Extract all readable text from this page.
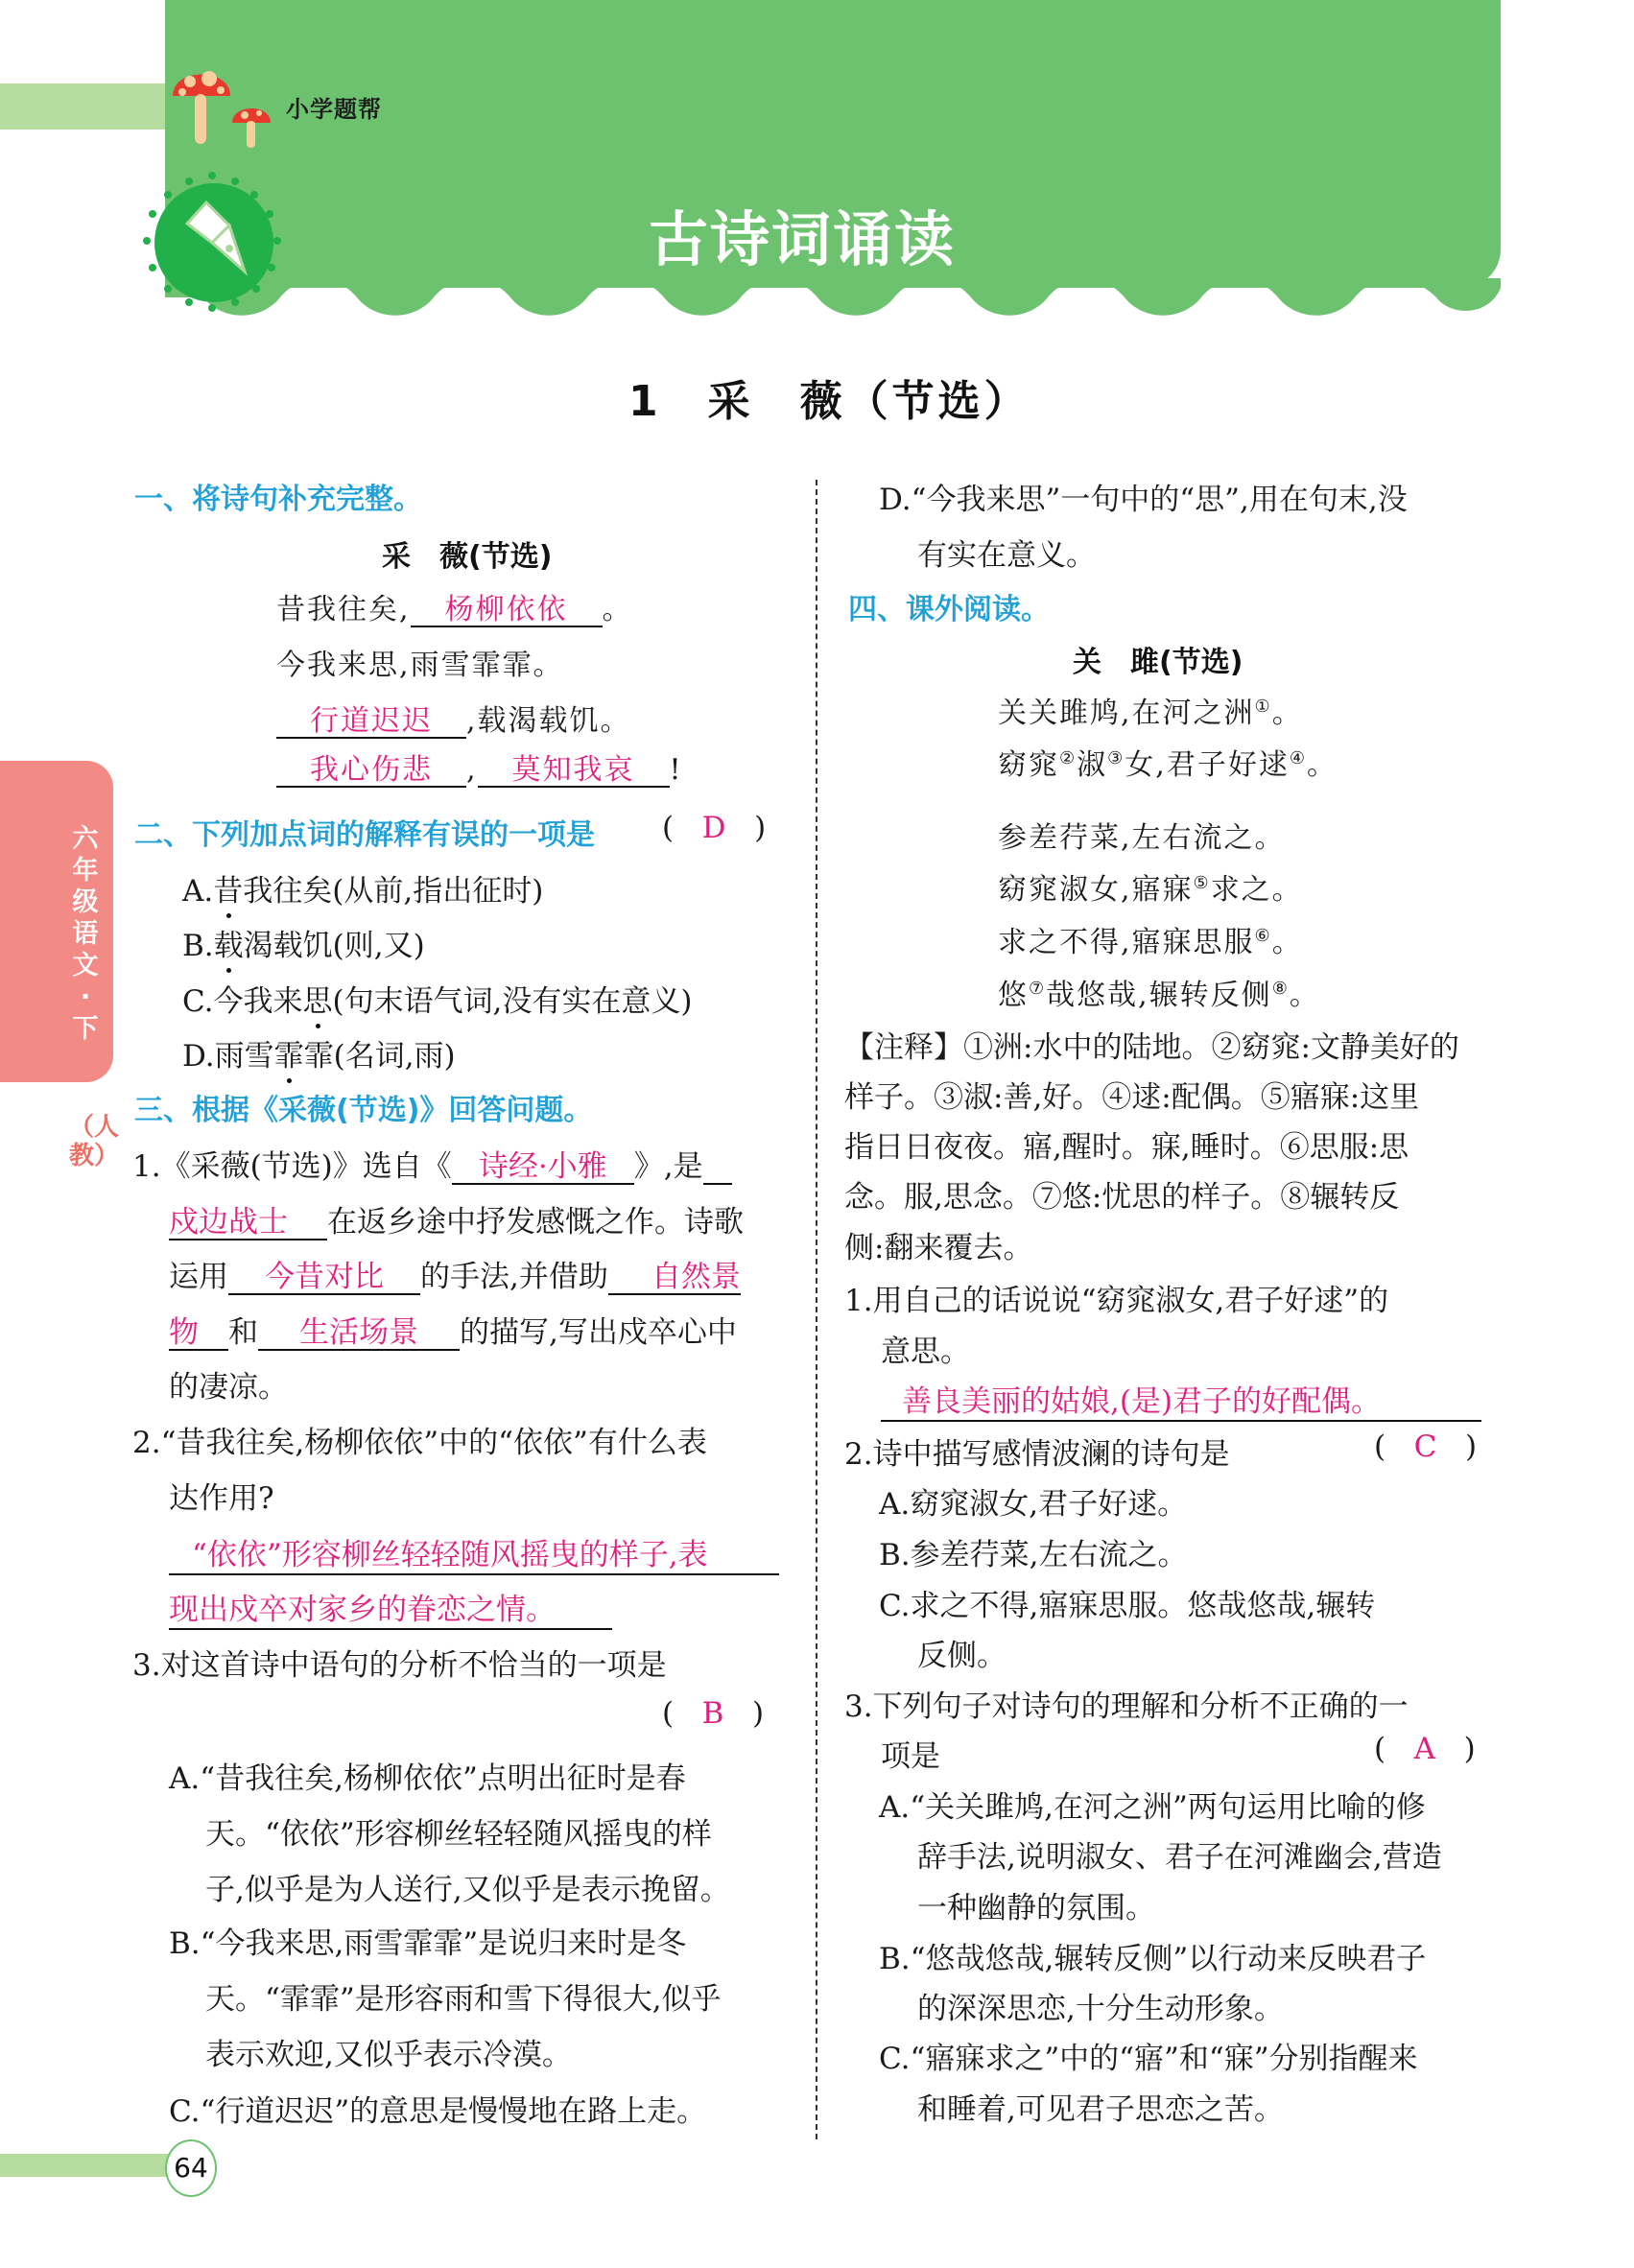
小学题帮
古诗词诵读
1　采　薇（节选）
六年级语文·下
（人教）
一、将诗句补充完整。
采　薇(节选)
昔我往矣, 杨柳依依 。
今我来思,雨雪霏霏。
行道迟迟 ,载渴载饥。
我心伤悲 , 莫知我哀 !
二、下列加点词的解释有误的一项是 ( D )
A.昔我往矣(从前,指出征时)
B.载渴载饥(则,又)
C.今我来思(句末语气词,没有实在意义)
D.雨雪霏霏(名词,雨)
三、根据《采薇(节选)》回答问题。
1.《采薇(节选)》选自《 诗经·小雅 》,是
戍边战士 在返乡途中抒发感慨之作。诗歌
运用 今昔对比 的手法,并借助 自然景
物 和 生活场景 的描写,写出戍卒心中
的凄凉。
2.“昔我往矣,杨柳依依”中的“依依”有什么表
达作用?
“依依”形容柳丝轻轻随风摇曳的样子,表
现出戍卒对家乡的眷恋之情。
3.对这首诗中语句的分析不恰当的一项是
( B )
A.“昔我往矣,杨柳依依”点明出征时是春
天。“依依”形容柳丝轻轻随风摇曳的样
子,似乎是为人送行,又似乎是表示挽留。
B.“今我来思,雨雪霏霏”是说归来时是冬
天。“霏霏”是形容雨和雪下得很大,似乎
表示欢迎,又似乎表示冷漠。
C.“行道迟迟”的意思是慢慢地在路上走。
D.“今我来思”一句中的“思”,用在句末,没
有实在意义。
四、课外阅读。
关　雎(节选)
关关雎鸠,在河之洲①。
窈窕②淑③女,君子好逑④。
参差荇菜,左右流之。
窈窕淑女,寤寐⑤求之。
求之不得,寤寐思服⑥。
悠⑦哉悠哉,辗转反侧⑧。
【注释】①洲:水中的陆地。②窈窕:文静美好的
样子。③淑:善,好。④逑:配偶。⑤寤寐:这里
指日日夜夜。寤,醒时。寐,睡时。⑥思服:思
念。服,思念。⑦悠:忧思的样子。⑧辗转反
侧:翻来覆去。
1.用自己的话说说“窈窕淑女,君子好逑”的
意思。
善良美丽的姑娘,(是)君子的好配偶。
2.诗中描写感情波澜的诗句是	( C )
A.窈窕淑女,君子好逑。
B.参差荇菜,左右流之。
C.求之不得,寤寐思服。悠哉悠哉,辗转
反侧。
3.下列句子对诗句的理解和分析不正确的一
项是	( A )
A.“关关雎鸠,在河之洲”两句运用比喻的修
辞手法,说明淑女、君子在河滩幽会,营造
一种幽静的氛围。
B.“悠哉悠哉,辗转反侧”以行动来反映君子
的深深思恋,十分生动形象。
C.“寤寐求之”中的“寤”和“寐”分别指醒来
和睡着,可见君子思恋之苦。
64
